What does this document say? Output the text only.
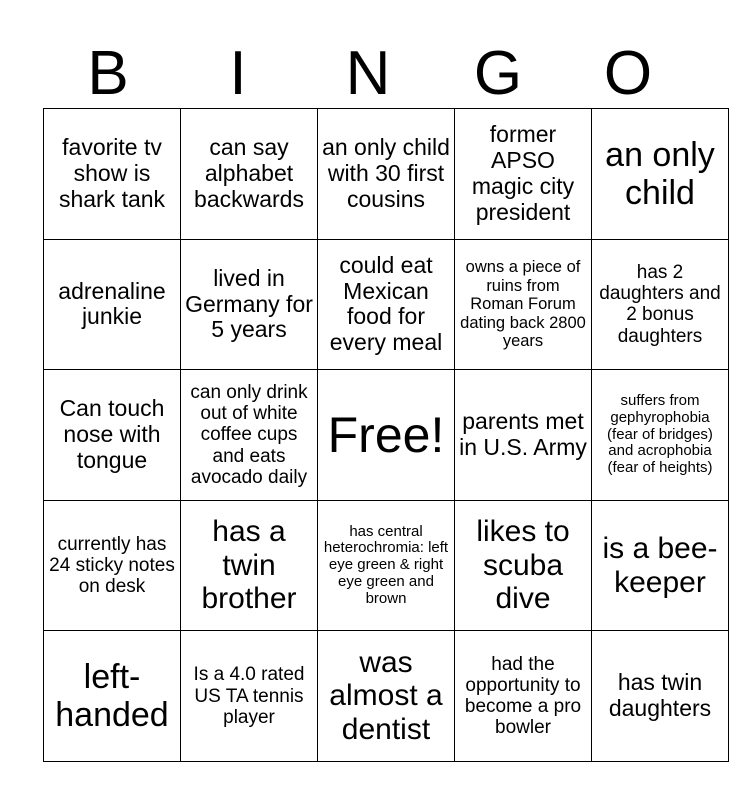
B	I	N	G	O
favorite tv show is shark tank	can say alphabet backwards	an only child with 30 first cousins	former APSO magic city president	an only child

adrenaline junkie	lived in Germany for 5 years	could eat Mexican food for every meal	owns a piece of ruins from Roman Forum dating back 2800 years	has 2 daughters and 2 bonus daughters

Can touch nose with tongue	can only drink out of white coffee cups and eats avocado daily	Free!	parents met in U.S. Army	suffers from gephyrophobia (fear of bridges) and acrophobia (fear of heights)

currently has 24 sticky notes on desk	has a twin brother	has central heterochromia: left eye green & right eye green and brown	likes to scuba dive	is a bee-keeper

left-handed	Is a 4.0 rated US TA tennis player	was almost a dentist	had the opportunity to become a pro bowler	has twin daughters
